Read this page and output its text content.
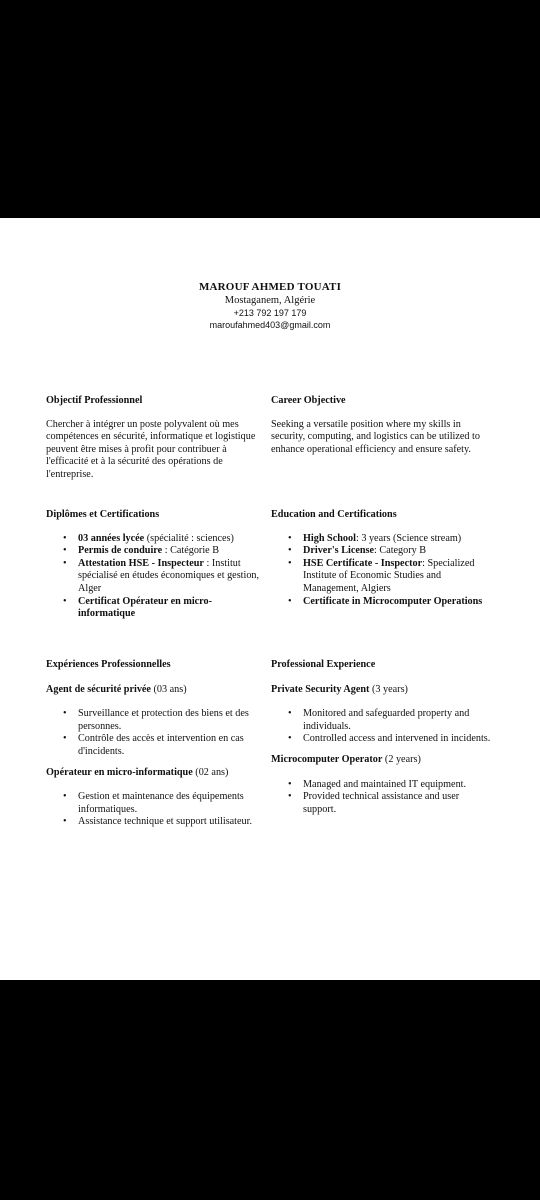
MAROUF AHMED TOUATI
Mostaganem, Algérie
+213 792 197 179
maroufahmed403@gmail.com
Objectif Professionnel

Chercher à intégrer un poste polyvalent où mes compétences en sécurité, informatique et logistique peuvent être mises à profit pour contribuer à l'efficacité et à la sécurité des opérations de l'entreprise.

Diplômes et Certifications
• 03 années lycée (spécialité : sciences)
• Permis de conduire : Catégorie B
• Attestation HSE - Inspecteur : Institut spécialisé en études économiques et gestion, Alger
• Certificat Opérateur en micro-informatique
Expériences Professionnelles
Agent de sécurité privée (03 ans)
• Surveillance et protection des biens et des personnes.
• Contrôle des accès et intervention en cas d'incidents.
Opérateur en micro-informatique (02 ans)
• Gestion et maintenance des équipements informatiques.
• Assistance technique et support utilisateur.
Career Objective

Seeking a versatile position where my skills in security, computing, and logistics can be utilized to enhance operational efficiency and ensure safety.

Education and Certifications
• High School: 3 years (Science stream)
• Driver's License: Category B
• HSE Certificate - Inspector: Specialized Institute of Economic Studies and Management, Algiers
• Certificate in Microcomputer Operations
Professional Experience
Private Security Agent (3 years)
• Monitored and safeguarded property and individuals.
• Controlled access and intervened in incidents.
Microcomputer Operator (2 years)
• Managed and maintained IT equipment.
• Provided technical assistance and user support.
